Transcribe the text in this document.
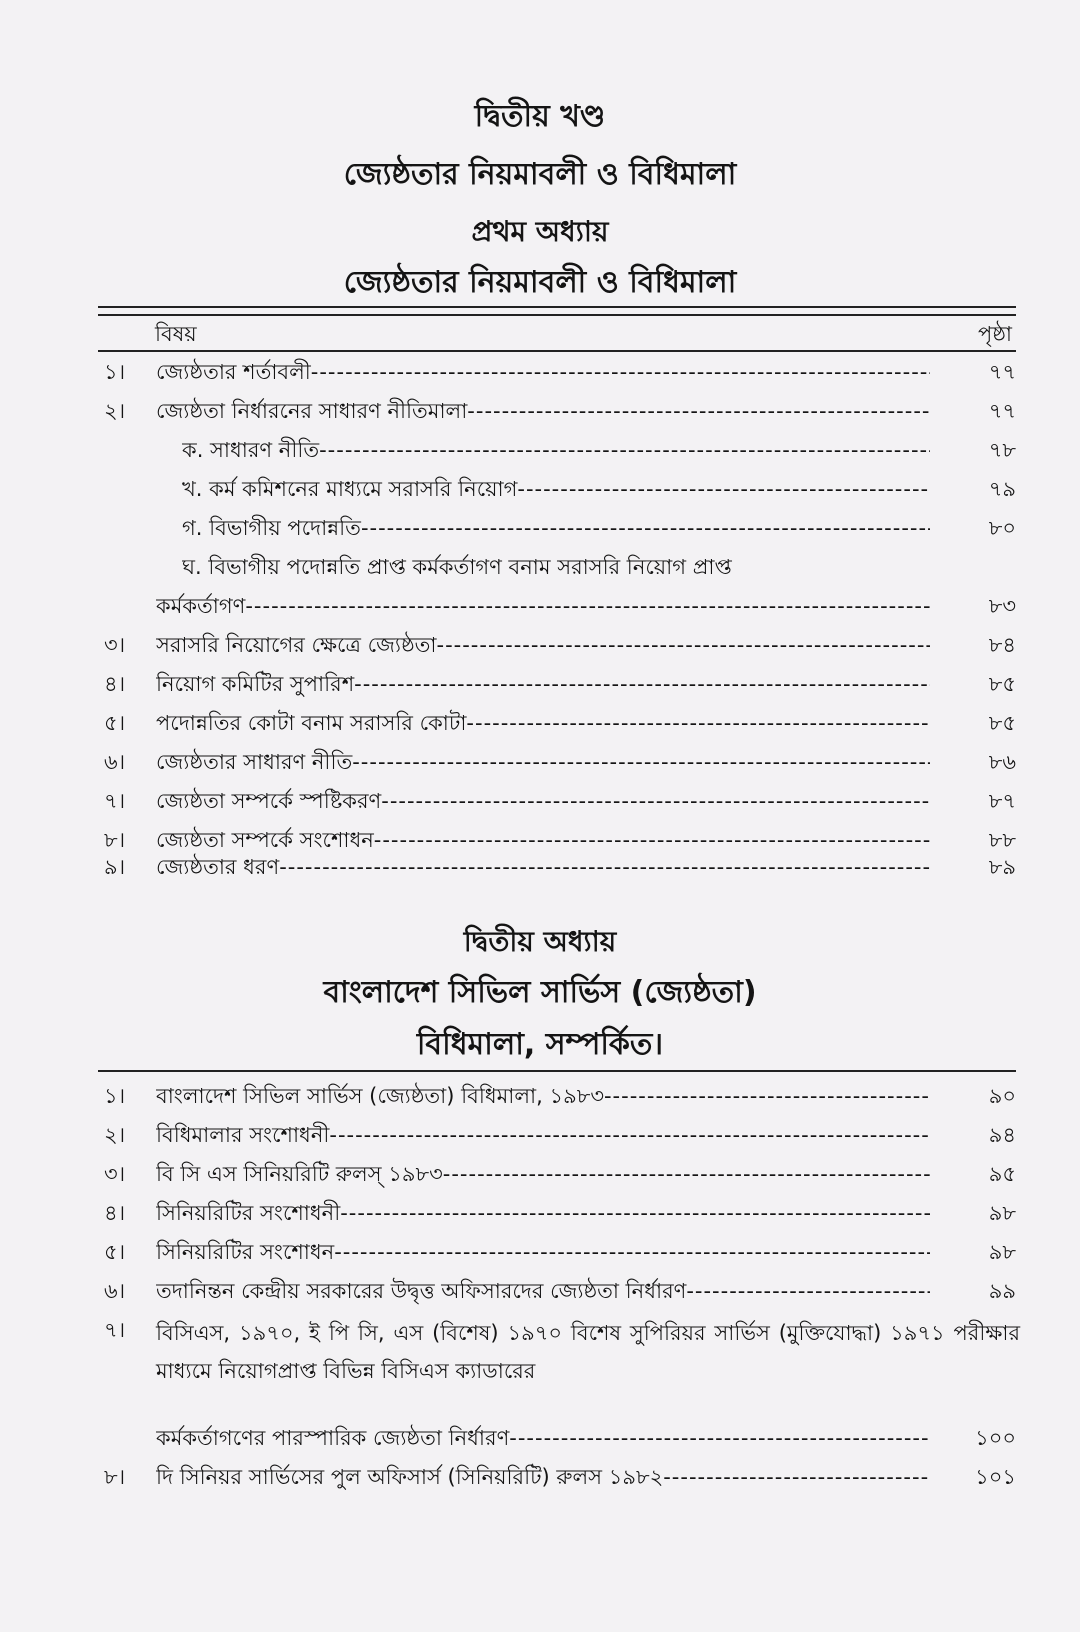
দ্বিতীয় খণ্ড
জ্যেষ্ঠতার নিয়মাবলী ও বিধিমালা
প্রথম অধ্যায়
জ্যেষ্ঠতার নিয়মাবলী ও বিধিমালা
বিষয়	পৃষ্ঠা
১।	জ্যেষ্ঠতার শর্তাবলী -----	৭৭
২।	জ্যেষ্ঠতা নির্ধারনের সাধারণ নীতিমালা -----	৭৭
ক. সাধারণ নীতি -----	৭৮
খ. কর্ম কমিশনের মাধ্যমে সরাসরি নিয়োগ -----	৭৯
গ. বিভাগীয় পদোন্নতি -----	৮০
ঘ. বিভাগীয় পদোন্নতি প্রাপ্ত কর্মকর্তাগণ বনাম সরাসরি নিয়োগ প্রাপ্ত
কর্মকর্তাগণ -----	৮৩
৩।	সরাসরি নিয়োগের ক্ষেত্রে জ্যেষ্ঠতা -----	৮৪
৪।	নিয়োগ কমিটির সুপারিশ -----	৮৫
৫।	পদোন্নতির কোটা বনাম সরাসরি কোটা -----	৮৫
৬।	জ্যেষ্ঠতার সাধারণ নীতি -----	৮৬
৭।	জ্যেষ্ঠতা সম্পর্কে স্পষ্টিকরণ -----	৮৭
৮।	জ্যেষ্ঠতা সম্পর্কে সংশোধন -----	৮৮
৯।	জ্যেষ্ঠতার ধরণ -----	৮৯
দ্বিতীয় অধ্যায়
বাংলাদেশ সিভিল সার্ভিস (জ্যেষ্ঠতা)
বিধিমালা, সম্পর্কিত।
১।	বাংলাদেশ সিভিল সার্ভিস (জ্যেষ্ঠতা) বিধিমালা, ১৯৮৩ -----	৯০
২।	বিধিমালার সংশোধনী -----	৯৪
৩।	বি সি এস সিনিয়রিটি রুলস্ ১৯৮৩ -----	৯৫
৪।	সিনিয়রিটির সংশোধনী -----	৯৮
৫।	সিনিয়রিটির সংশোধন -----	৯৮
৬।	তদানিন্তন কেন্দ্রীয় সরকারের উদ্বৃত্ত অফিসারদের জ্যেষ্ঠতা নির্ধারণ -----	৯৯
৭।	বিসিএস, ১৯৭০, ই পি সি, এস (বিশেষ) ১৯৭০ বিশেষ সুপিরিয়র সার্ভিস (মুক্তিযোদ্ধা) ১৯৭১ পরীক্ষার মাধ্যমে নিয়োগপ্রাপ্ত বিভিন্ন বিসিএস ক্যাডারের
কর্মকর্তাগণের পারস্পারিক জ্যেষ্ঠতা নির্ধারণ -----	১০০
৮।	দি সিনিয়র সার্ভিসের পুল অফিসার্স (সিনিয়রিটি) রুলস ১৯৮২ -----	১০১
